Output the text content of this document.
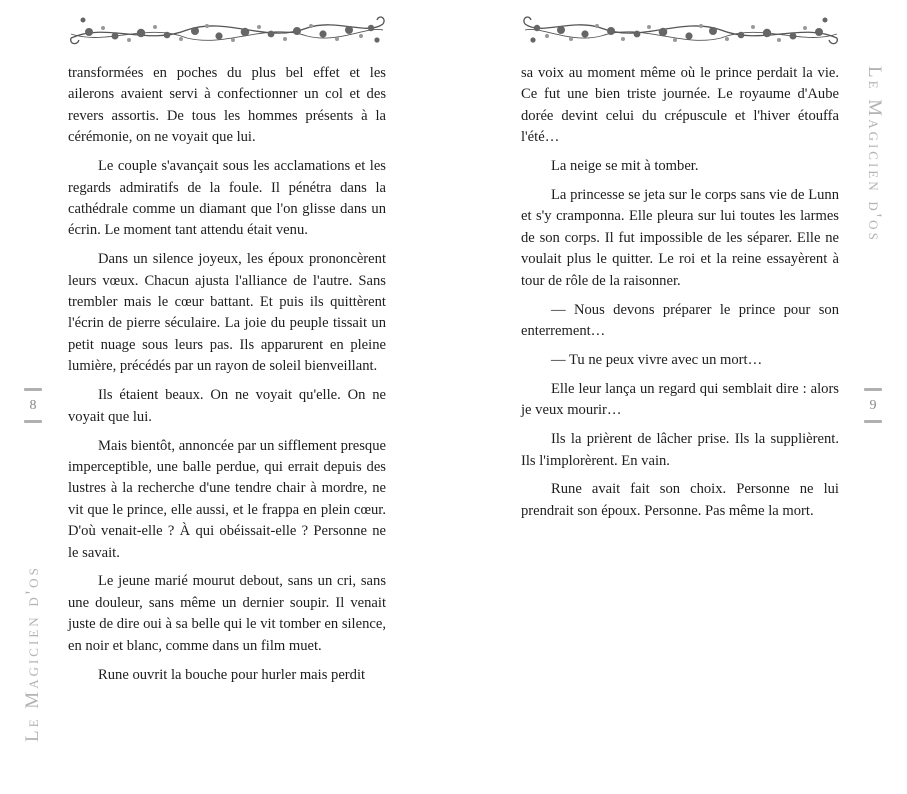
transformées en poches du plus bel effet et les ailerons avaient servi à confectionner un col et des revers assortis. De tous les hommes présents à la cérémonie, on ne voyait que lui.

Le couple s'avançait sous les acclamations et les regards admiratifs de la foule. Il pénétra dans la cathédrale comme un diamant que l'on glisse dans un écrin. Le moment tant attendu était venu.

Dans un silence joyeux, les époux prononcèrent leurs vœux. Chacun ajusta l'alliance de l'autre. Sans trembler mais le cœur battant. Et puis ils quittèrent l'écrin de pierre séculaire. La joie du peuple tissait un petit nuage sous leurs pas. Ils apparurent en pleine lumière, précédés par un rayon de soleil bienveillant.

Ils étaient beaux. On ne voyait qu'elle. On ne voyait que lui.

Mais bientôt, annoncée par un sifflement presque imperceptible, une balle perdue, qui errait depuis des lustres à la recherche d'une tendre chair à mordre, ne vit que le prince, elle aussi, et le frappa en plein cœur. D'où venait-elle ? À qui obéissait-elle ? Personne ne le savait.

Le jeune marié mourut debout, sans un cri, sans une douleur, sans même un dernier soupir. Il venait juste de dire oui à sa belle qui le vit tomber en silence, en noir et blanc, comme dans un film muet.

Rune ouvrit la bouche pour hurler mais perdit

8
Le Magicien d'os

sa voix au moment même où le prince perdait la vie. Ce fut une bien triste journée. Le royaume d'Aube dorée devint celui du crépuscule et l'hiver étouffa l'été…

La neige se mit à tomber.

La princesse se jeta sur le corps sans vie de Lunn et s'y cramponna. Elle pleura sur lui toutes les larmes de son corps. Il fut impossible de les séparer. Elle ne voulait plus le quitter. Le roi et la reine essayèrent à tour de rôle de la raisonner.

— Nous devons préparer le prince pour son enterrement…

— Tu ne peux vivre avec un mort…

Elle leur lança un regard qui semblait dire : alors je veux mourir…

Ils la prièrent de lâcher prise. Ils la supplièrent. Ils l'implorèrent. En vain.

Rune avait fait son choix. Personne ne lui prendrait son époux. Personne. Pas même la mort.

9
Le Magicien d'os
